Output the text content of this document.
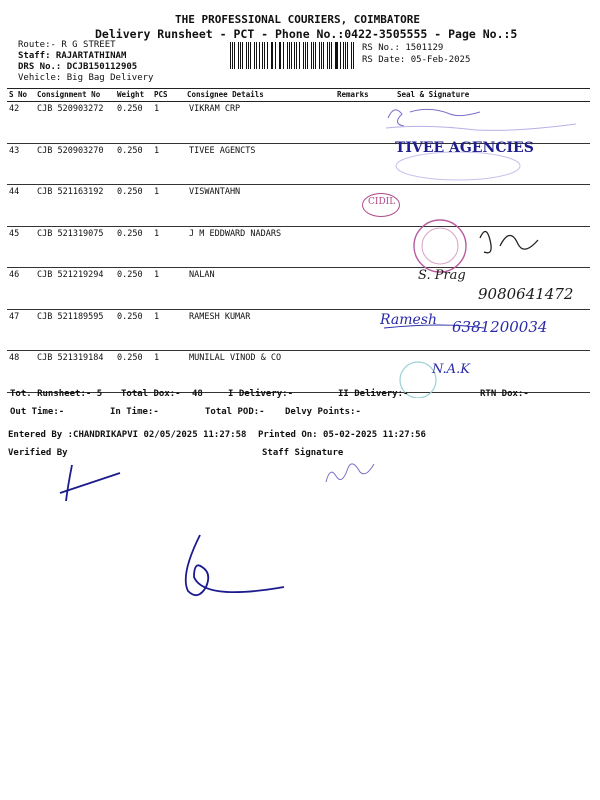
THE PROFESSIONAL COURIERS, COIMBATORE
Delivery Runsheet - PCT - Phone No.:0422-3505555 - Page No.:5
Route:- R G STREET
Staff: RAJARTATHINAM
DRS No.: DCJB150112905
Vehicle: Big Bag Delivery
RS No.: 1501129
RS Date: 05-Feb-2025
S No Consignment No Weight PCS	Consignee Details	Remarks	Seal & Signature
42 CJB 520903272 0.250 1	VIKRAM CRP
43 CJB 520903270 0.250 1	TIVEE AGENCTS
44 CJB 521163192 0.250 1	VISWANTAHN
45 CJB 521319075 0.250 1	J M EDDWARD NADARS
46 CJB 521219294 0.250 1	NALAN
47 CJB 521189595 0.250 1	RAMESH KUMAR
48 CJB 521319184 0.250 1	MUNILAL VINOD & CO
TIVEE AGENCIES
CIDIL
S. Prag
9080641472
Ramesh 6381200034
N.A.K
Tot. Runsheet:- 5 Total Dox:- 48	I Delivery:-	II Delivery:-	RTN Dox:-
Out Time:-	In Time:-	Total POD:- Delvy Points:-
Entered By :CHANDRIKAPVI 02/05/2025 11:27:58 Printed On: 05-02-2025 11:27:56
Verified By	Staff Signature
